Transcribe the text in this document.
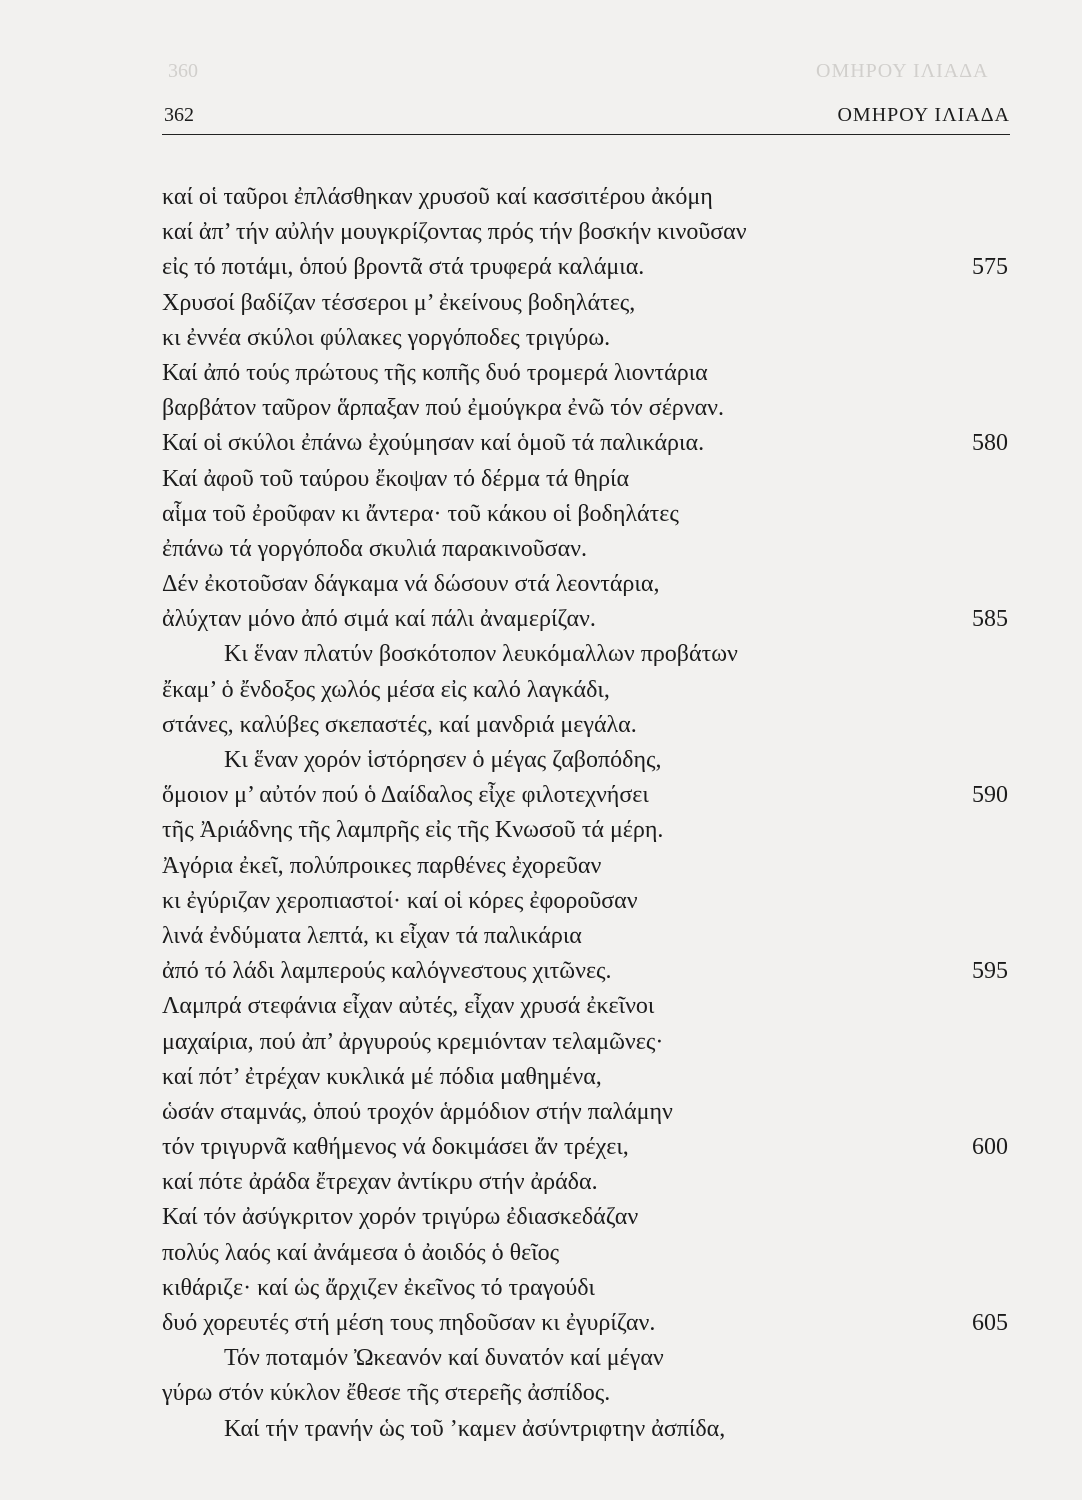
360	ΟΜΗΡΟΥ ΙΛΙΑΔΑ
362	ΟΜΗΡΟΥ ΙΛΙΑΔΑ
καί οἱ ταῦροι ἐπλάσθηκαν χρυσοῦ καί κασσιτέρου ἀκόμη
καί ἀπ’ τήν αὐλήν μουγκρίζοντας πρός τήν βοσκήν κινοῦσαν
εἰς τό ποτάμι, ὁπού βροντᾶ στά τρυφερά καλάμια.	575
Χρυσοί βαδίζαν τέσσεροι μ’ ἐκείνους βοδηλάτες,
κι ἐννέα σκύλοι φύλακες γοργόποδες τριγύρω.
Καί ἀπό τούς πρώτους τῆς κοπῆς δυό τρομερά λιοντάρια
βαρβάτον ταῦρον ἅρπαξαν πού ἐμούγκρα ἐνῶ τόν σέρναν.
Καί οἱ σκύλοι ἐπάνω ἐχούμησαν καί ὁμοῦ τά παλικάρια.	580
Καί ἀφοῦ τοῦ ταύρου ἔκοψαν τό δέρμα τά θηρία
αἷμα τοῦ ἐροῦφαν κι ἄντερα· τοῦ κάκου οἱ βοδηλάτες
ἐπάνω τά γοργόποδα σκυλιά παρακινοῦσαν.
Δέν ἐκοτοῦσαν δάγκαμα νά δώσουν στά λεοντάρια,
ἀλύχταν μόνο ἀπό σιμά καί πάλι ἀναμερίζαν.	585
Κι ἕναν πλατύν βοσκότοπον λευκόμαλλων προβάτων
ἔκαμ’ ὁ ἔνδοξος χωλός μέσα εἰς καλό λαγκάδι,
στάνες, καλύβες σκεπαστές, καί μανδριά μεγάλα.
Κι ἕναν χορόν ἱστόρησεν ὁ μέγας ζαβοπόδης,
ὅμοιον μ’ αὐτόν πού ὁ Δαίδαλος εἶχε φιλοτεχνήσει	590
τῆς Ἀριάδνης τῆς λαμπρῆς εἰς τῆς Κνωσοῦ τά μέρη.
Ἀγόρια ἐκεῖ, πολύπροικες παρθένες ἐχορεῦαν
κι ἐγύριζαν χεροπιαστοί· καί οἱ κόρες ἐφοροῦσαν
λινά ἐνδύματα λεπτά, κι εἶχαν τά παλικάρια
ἀπό τό λάδι λαμπερούς καλόγνεστους χιτῶνες.	595
Λαμπρά στεφάνια εἶχαν αὐτές, εἶχαν χρυσά ἐκεῖνοι
μαχαίρια, πού ἀπ’ ἀργυρούς κρεμιόνταν τελαμῶνες·
καί πότ’ ἐτρέχαν κυκλικά μέ πόδια μαθημένα,
ὡσάν σταμνάς, ὁπού τροχόν ἁρμόδιον στήν παλάμην
τόν τριγυρνᾶ καθήμενος νά δοκιμάσει ἄν τρέχει,	600
καί πότε ἀράδα ἔτρεχαν ἀντίκρυ στήν ἀράδα.
Καί τόν ἀσύγκριτον χορόν τριγύρω ἐδιασκεδάζαν
πολύς λαός καί ἀνάμεσα ὁ ἀοιδός ὁ θεῖος
κιθάριζε· καί ὡς ἄρχιζεν ἐκεῖνος τό τραγούδι
δυό χορευτές στή μέση τους πηδοῦσαν κι ἐγυρίζαν.	605
Τόν ποταμόν Ὠκεανόν καί δυνατόν καί μέγαν
γύρω στόν κύκλον ἔθεσε τῆς στερεῆς ἀσπίδος.
Καί τήν τρανήν ὡς τοῦ ’καμεν ἀσύντριφτην ἀσπίδα,
